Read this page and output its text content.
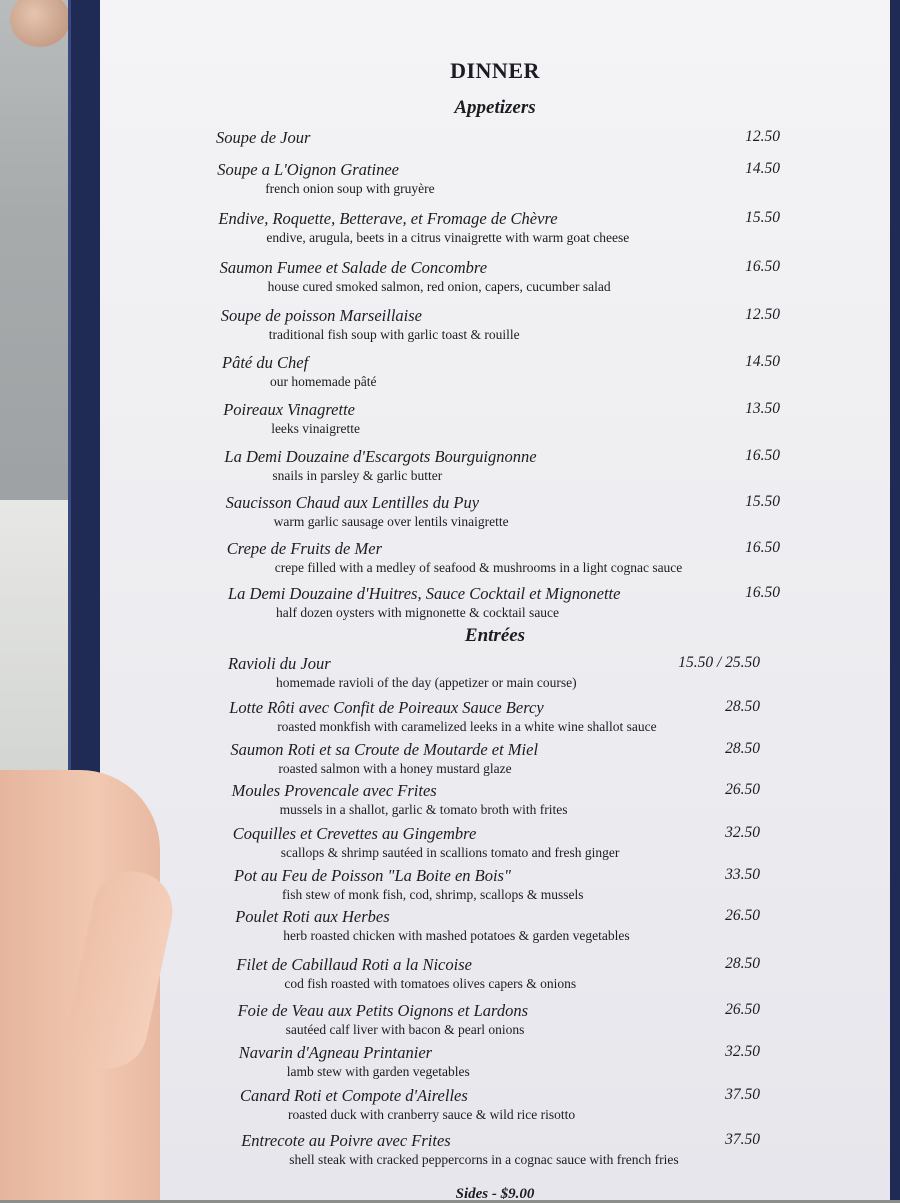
DINNER
Appetizers
Entrées
Sides - $9.00
Soupe de Jour	12.50
Soupe a L'Oignon Gratinee
french onion soup with gruyère
14.50
Endive, Roquette, Betterave, et Fromage de Chèvre
endive, arugula, beets in a citrus vinaigrette with warm goat cheese
15.50
Saumon Fumee et Salade de Concombre
house cured smoked salmon, red onion, capers, cucumber salad
16.50
Soupe de poisson Marseillaise
traditional fish soup with garlic toast & rouille
12.50
Pâté du Chef
our homemade pâté
14.50
Poireaux Vinagrette
leeks vinaigrette
13.50
La Demi Douzaine d'Escargots Bourguignonne
snails in parsley & garlic butter
16.50
Saucisson Chaud aux Lentilles du Puy
warm garlic sausage over lentils vinaigrette
15.50
Crepe de Fruits de Mer
crepe filled with a medley of seafood & mushrooms in a light cognac sauce
16.50
La Demi Douzaine d'Huitres, Sauce Cocktail et Mignonette
half dozen oysters with mignonette & cocktail sauce
16.50
Ravioli du Jour
homemade ravioli of the day (appetizer or main course)
15.50 / 25.50
Lotte Rôti avec Confit de Poireaux Sauce Bercy
roasted monkfish with caramelized leeks in a white wine shallot sauce
28.50
Saumon Roti et sa Croute de Moutarde et Miel
roasted salmon with a honey mustard glaze
28.50
Moules Provencale avec Frites
mussels in a shallot, garlic & tomato broth with frites
26.50
Coquilles et Crevettes au Gingembre
scallops & shrimp sautéed in scallions tomato and fresh ginger
32.50
Pot au Feu de Poisson "La Boite en Bois"
fish stew of monk fish, cod, shrimp, scallops & mussels
33.50
Poulet Roti aux Herbes
herb roasted chicken with mashed potatoes & garden vegetables
26.50
Filet de Cabillaud Roti a la Nicoise
cod fish roasted with tomatoes olives capers & onions
28.50
Foie de Veau aux Petits Oignons et Lardons
sautéed calf liver with bacon & pearl onions
26.50
Navarin d'Agneau Printanier
lamb stew with garden vegetables
32.50
Canard Roti et Compote d'Airelles
roasted duck with cranberry sauce & wild rice risotto
37.50
Entrecote au Poivre avec Frites
shell steak with cracked peppercorns in a cognac sauce with french fries
37.50
